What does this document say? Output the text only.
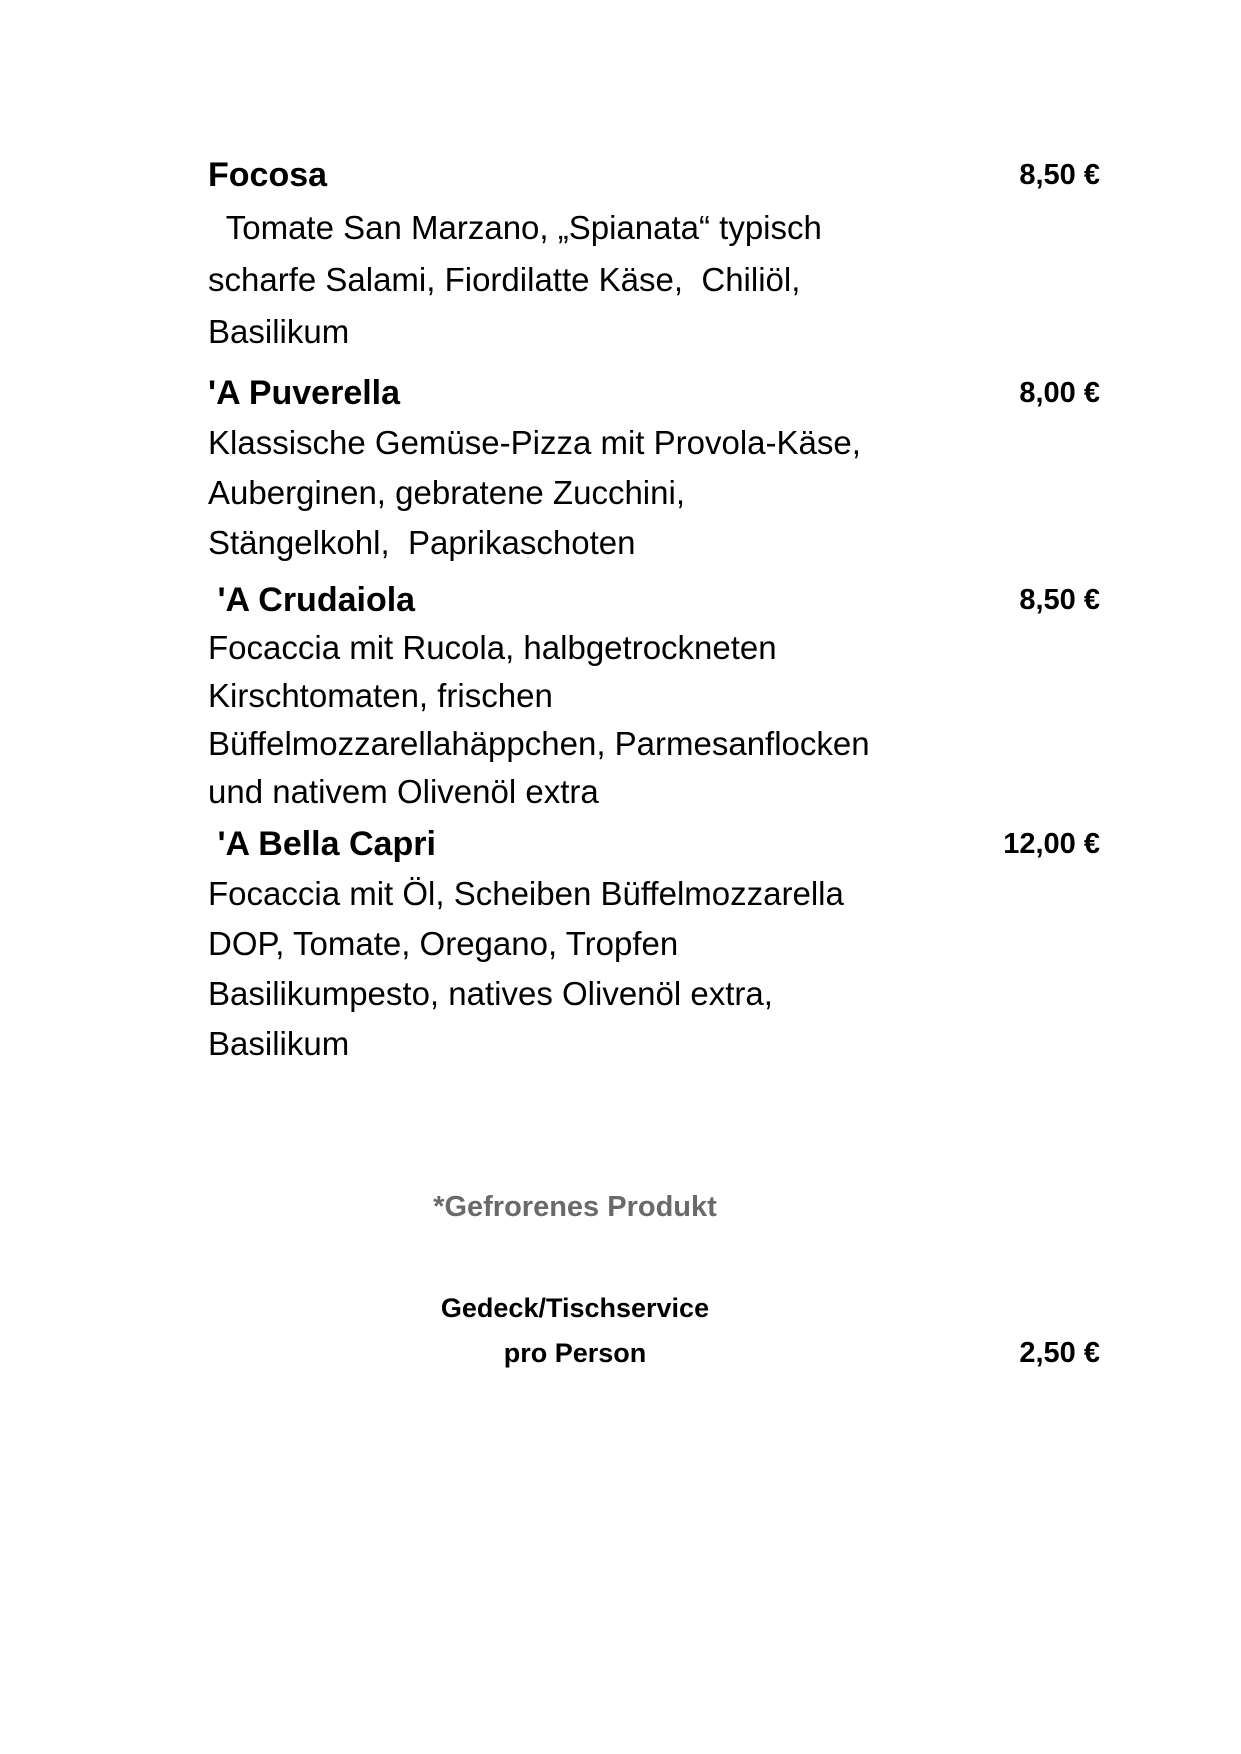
Focosa	8,50 €
Tomate San Marzano, „Spianata“ typisch
scharfe Salami, Fiordilatte Käse,  Chiliöl,
Basilikum
'A Puverella	8,00 €
Klassische Gemüse-Pizza mit Provola-Käse,
Auberginen, gebratene Zucchini,
Stängelkohl,  Paprikaschoten
'A Crudaiola	8,50 €
Focaccia mit Rucola, halbgetrockneten
Kirschtomaten, frischen
Büffelmozzarellahäppchen, Parmesanflocken
und nativem Olivenöl extra
'A Bella Capri	12,00 €
Focaccia mit Öl, Scheiben Büffelmozzarella
DOP, Tomate, Oregano, Tropfen
Basilikumpesto, natives Olivenöl extra,
Basilikum
*Gefrorenes Produkt
Gedeck/Tischservice
pro Person	2,50 €
